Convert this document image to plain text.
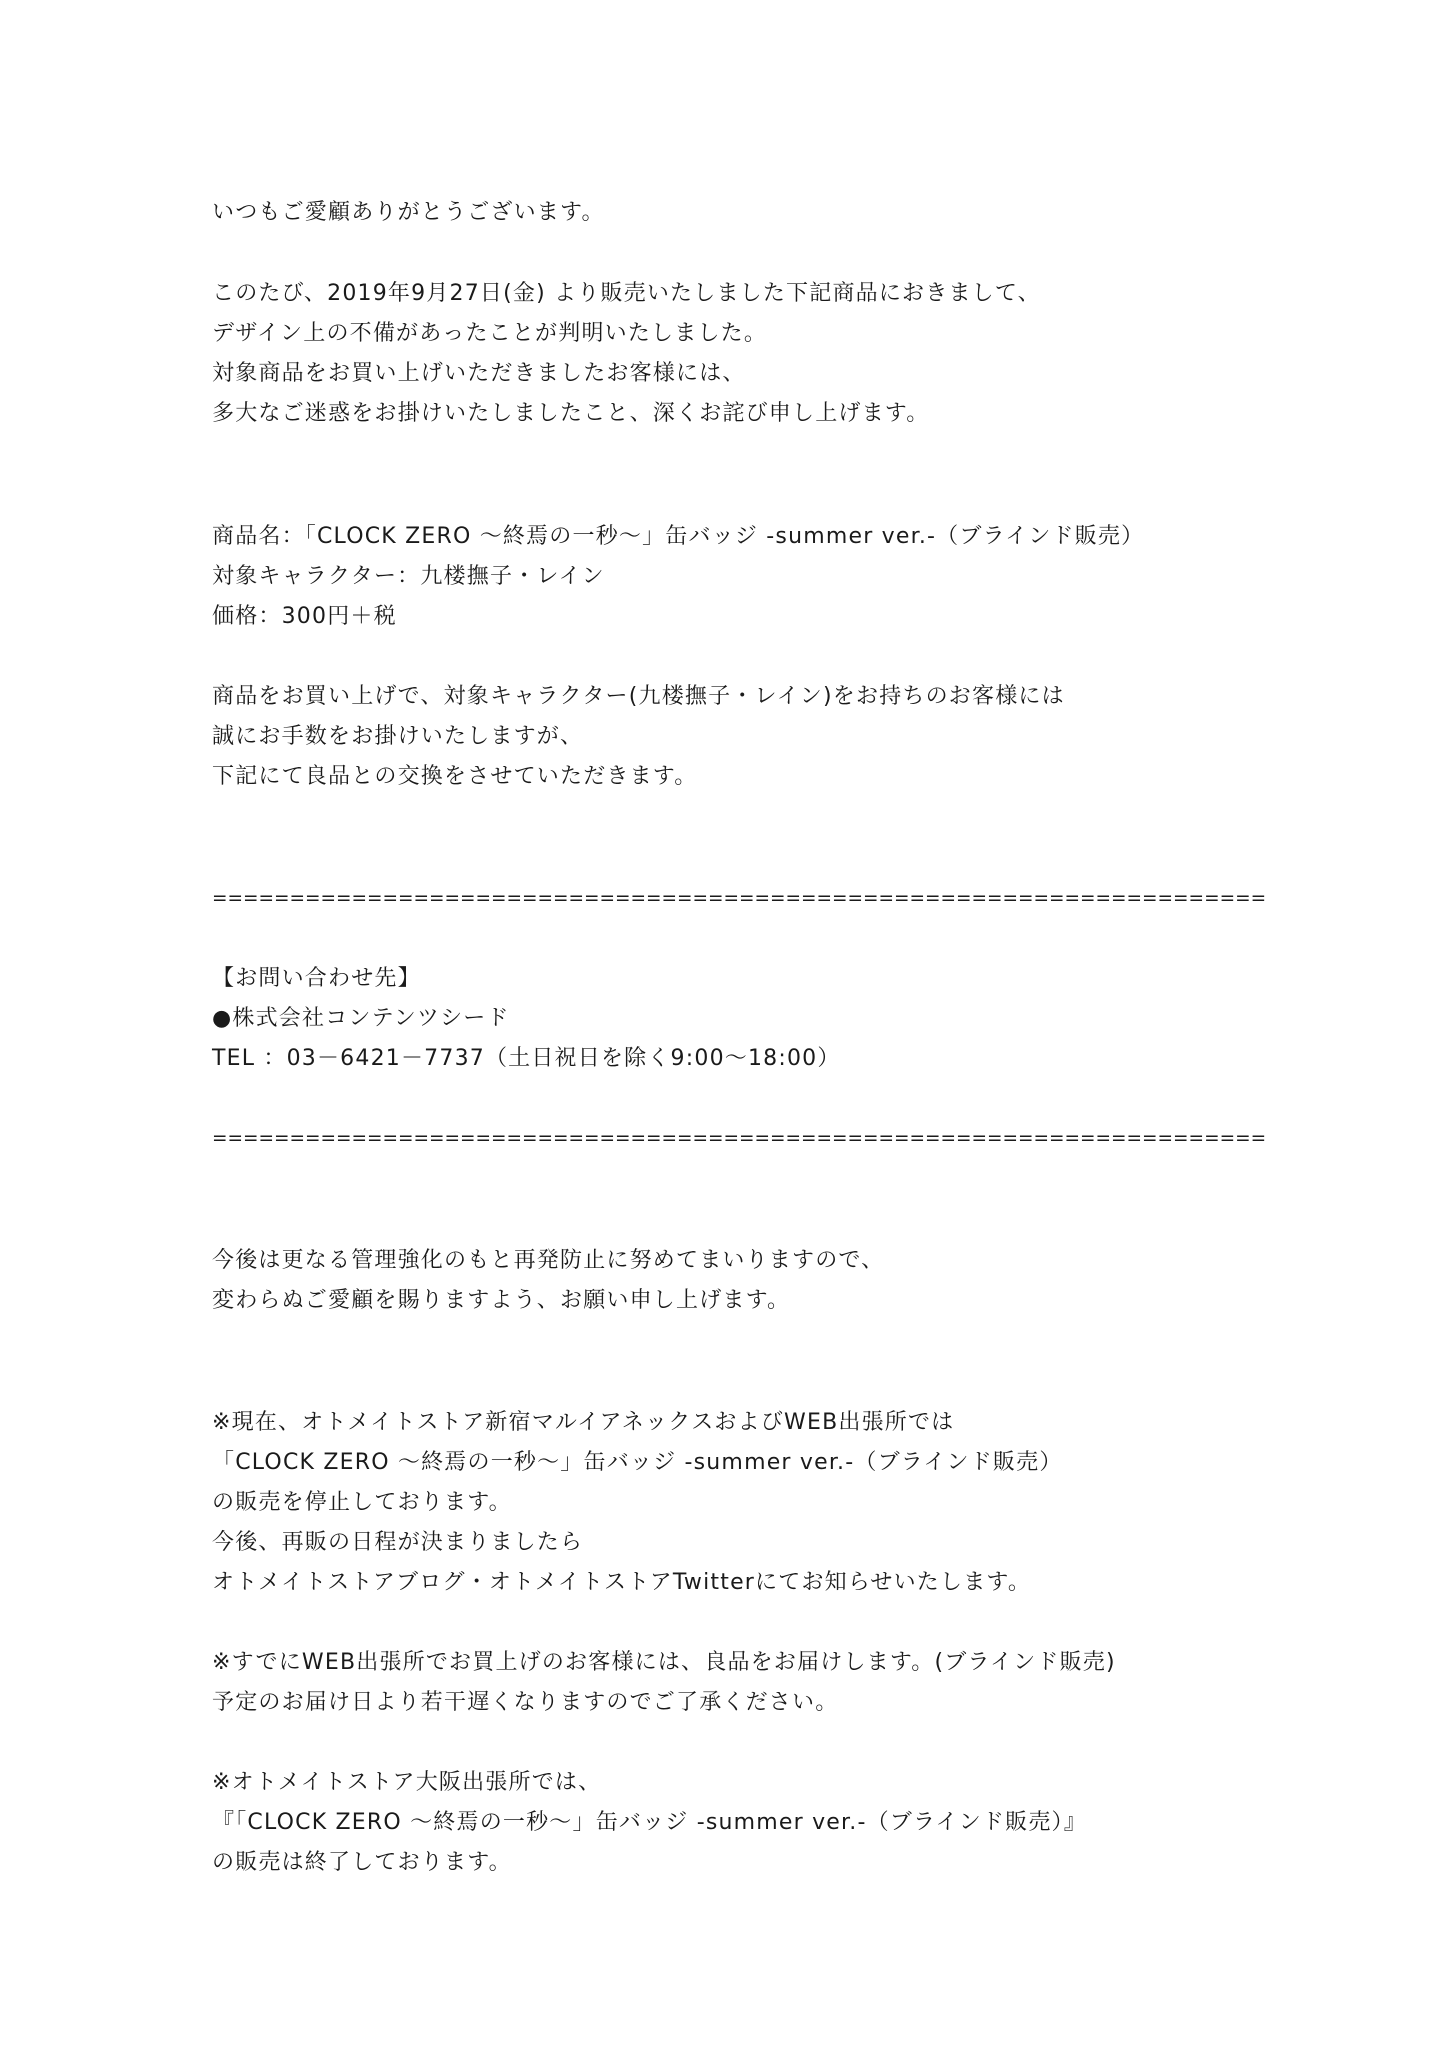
いつもご愛顧ありがとうございます。
このたび、2019年9月27日(金) より販売いたしました下記商品におきまして、
デザイン上の不備があったことが判明いたしました。
対象商品をお買い上げいただきましたお客様には、
多大なご迷惑をお掛けいたしましたこと、深くお詫び申し上げます。
商品名：「CLOCK ZERO 〜終焉の一秒〜」缶バッジ -summer ver.-（ブラインド販売）
対象キャラクター：九楼撫子・レイン
価格：300円＋税
商品をお買い上げで、対象キャラクター(九楼撫子・レイン)をお持ちのお客様には
誠にお手数をお掛けいたしますが、
下記にて良品との交換をさせていただきます。
====================================================================
【お問い合わせ先】
●株式会社コンテンツシード
TEL ：03－6421－7737（土日祝日を除く9:00〜18:00）
====================================================================
今後は更なる管理強化のもと再発防止に努めてまいりますので、
変わらぬご愛顧を賜りますよう、お願い申し上げます。
※現在、オトメイトストア新宿マルイアネックスおよびWEB出張所では
「CLOCK ZERO 〜終焉の一秒〜」缶バッジ -summer ver.-（ブラインド販売）
の販売を停止しております。
今後、再販の日程が決まりましたら
オトメイトストアブログ・オトメイトストアTwitterにてお知らせいたします。
※すでにWEB出張所でお買上げのお客様には、良品をお届けします。(ブラインド販売)
予定のお届け日より若干遅くなりますのでご了承ください。
※オトメイトストア大阪出張所では、
『「CLOCK ZERO 〜終焉の一秒〜」缶バッジ -summer ver.-（ブラインド販売）』
の販売は終了しております。
